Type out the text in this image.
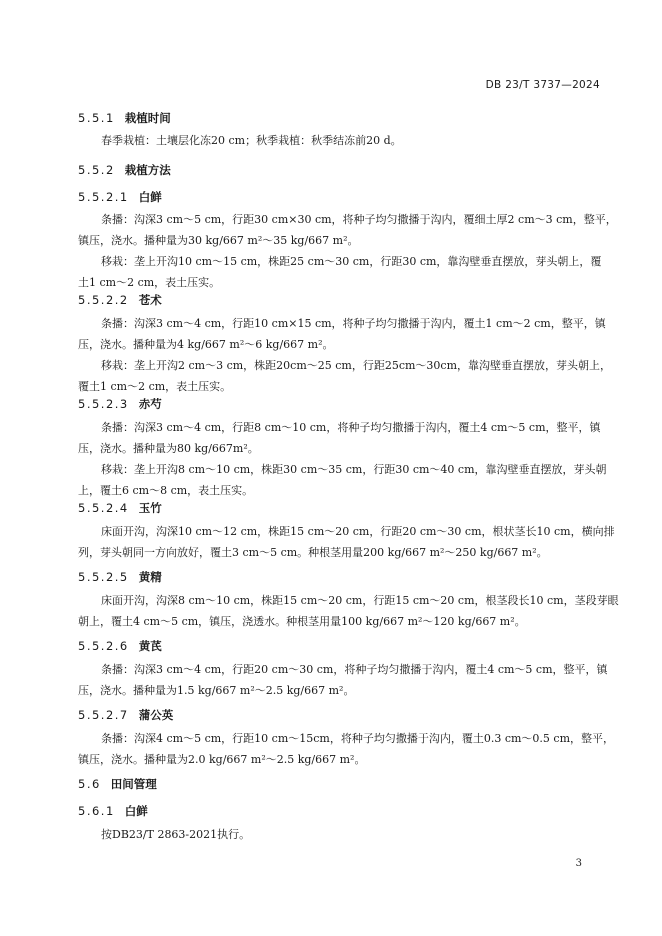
DB 23/T 3737—2024
5.5.1 栽植时间
春季栽植：土壤层化冻20 cm；秋季栽植：秋季结冻前20 d。
5.5.2 栽植方法
5.5.2.1 白鲜
条播：沟深3 cm～5 cm，行距30 cm×30 cm，将种子均匀撒播于沟内，覆细土厚2 cm～3 cm，整平，
镇压，浇水。播种量为30 kg/667 m²～35 kg/667 m²。
移栽：垄上开沟10 cm～15 cm，株距25 cm～30 cm，行距30 cm，靠沟壁垂直摆放，芽头朝上，覆
土1 cm～2 cm，表土压实。
5.5.2.2 苍术
条播：沟深3 cm～4 cm，行距10 cm×15 cm，将种子均匀撒播于沟内，覆土1 cm～2 cm，整平，镇
压，浇水。播种量为4 kg/667 m²～6 kg/667 m²。
移栽：垄上开沟2 cm～3 cm，株距20cm～25 cm，行距25cm～30cm，靠沟壁垂直摆放，芽头朝上，
覆土1 cm～2 cm，表土压实。
5.5.2.3 赤芍
条播：沟深3 cm～4 cm，行距8 cm～10 cm，将种子均匀撒播于沟内，覆土4 cm～5 cm，整平，镇
压，浇水。播种量为80 kg/667m²。
移栽：垄上开沟8 cm～10 cm，株距30 cm～35 cm，行距30 cm～40 cm，靠沟壁垂直摆放，芽头朝
上，覆土6 cm～8 cm，表土压实。
5.5.2.4 玉竹
床面开沟，沟深10 cm～12 cm，株距15 cm～20 cm，行距20 cm～30 cm，根状茎长10 cm，横向排
列，芽头朝同一方向放好，覆土3 cm～5 cm。种根茎用量200 kg/667 m²～250 kg/667 m²。
5.5.2.5 黄精
床面开沟，沟深8 cm～10 cm，株距15 cm～20 cm，行距15 cm～20 cm，根茎段长10 cm，茎段芽眼
朝上，覆土4 cm～5 cm，镇压，浇透水。种根茎用量100 kg/667 m²～120 kg/667 m²。
5.5.2.6 黄芪
条播：沟深3 cm～4 cm，行距20 cm～30 cm，将种子均匀撒播于沟内，覆土4 cm～5 cm，整平，镇
压，浇水。播种量为1.5 kg/667 m²～2.5 kg/667 m²。
5.5.2.7 蒲公英
条播：沟深4 cm～5 cm，行距10 cm～15cm，将种子均匀撒播于沟内，覆土0.3 cm～0.5 cm，整平，
镇压，浇水。播种量为2.0 kg/667 m²～2.5 kg/667 m²。
5.6 田间管理
5.6.1 白鲜
按DB23/T 2863-2021执行。
3
